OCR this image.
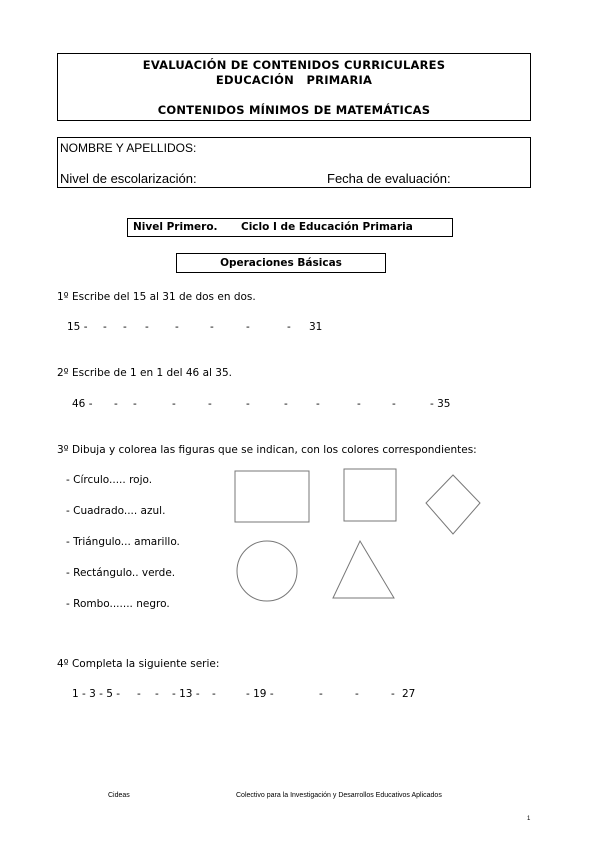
EVALUACIÓN DE CONTENIDOS CURRICULARES
EDUCACIÓN   PRIMARIA
CONTENIDOS MÍNIMOS DE MATEMÁTICAS
NOMBRE Y APELLIDOS:
Nivel de escolarización:	Fecha de evaluación:
Nivel Primero. Ciclo I de Educación Primaria
Operaciones Básicas
1º Escribe del 15 al 31 de dos en dos.
15 - - - - -	-	-	- 31
2º Escribe de 1 en 1 del 46 al 35.
46 - - -	-	-	-	-	-	-	-	- 35
3º Dibuja y colorea las figuras que se indican, con los colores correspondientes:
- Círculo..... rojo.
- Cuadrado.... azul.
- Triángulo... amarillo.
- Rectángulo.. verde.
- Rombo....... negro.
4º Completa la siguiente serie:
1 - 3 - 5 - - - - 13 - -	- 19 -	-	-	- 27
Cideas	Colectivo para la Investigación y Desarrollos Educativos Aplicados
1
